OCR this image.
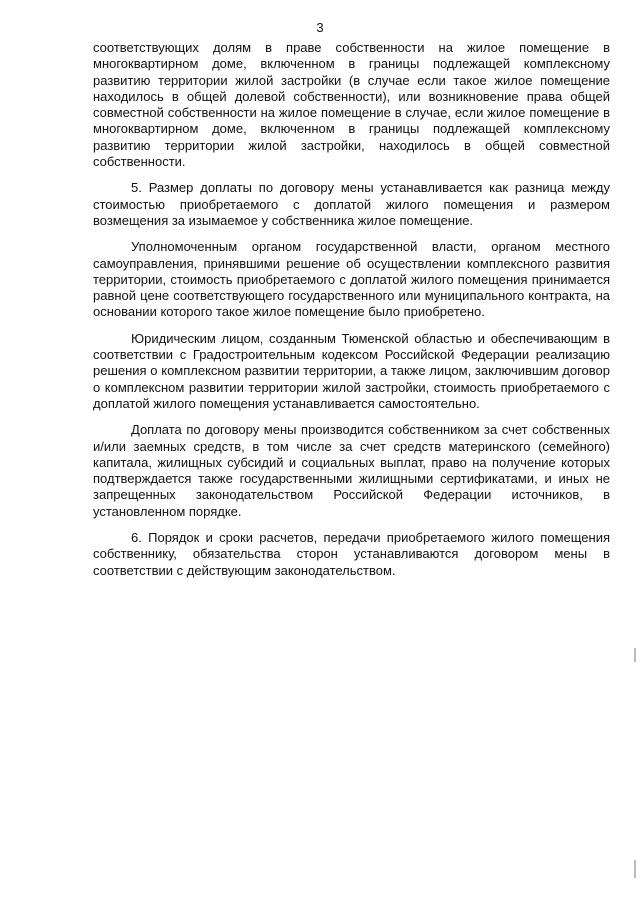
3

соответствующих долям в праве собственности на жилое помещение в многоквартирном доме, включенном в границы подлежащей комплексному развитию территории жилой застройки (в случае если такое жилое помещение находилось в общей долевой собственности), или возникновение права общей совместной собственности на жилое помещение в случае, если жилое помещение в многоквартирном доме, включенном в границы подлежащей комплексному развитию территории жилой застройки, находилось в общей совместной собственности.

5. Размер доплаты по договору мены устанавливается как разница между стоимостью приобретаемого с доплатой жилого помещения и размером возмещения за изымаемое у собственника жилое помещение.

Уполномоченным органом государственной власти, органом местного самоуправления, принявшими решение об осуществлении комплексного развития территории, стоимость приобретаемого с доплатой жилого помещения принимается равной цене соответствующего государственного или муниципального контракта, на основании которого такое жилое помещение было приобретено.

Юридическим лицом, созданным Тюменской областью и обеспечивающим в соответствии с Градостроительным кодексом Российской Федерации реализацию решения о комплексном развитии территории, а также лицом, заключившим договор о комплексном развитии территории жилой застройки, стоимость приобретаемого с доплатой жилого помещения устанавливается самостоятельно.

Доплата по договору мены производится собственником за счет собственных и/или заемных средств, в том числе за счет средств материнского (семейного) капитала, жилищных субсидий и социальных выплат, право на получение которых подтверждается также государственными жилищными сертификатами, и иных не запрещенных законодательством Российской Федерации источников, в установленном порядке.

6. Порядок и сроки расчетов, передачи приобретаемого жилого помещения собственнику, обязательства сторон устанавливаются договором мены в соответствии с действующим законодательством.
